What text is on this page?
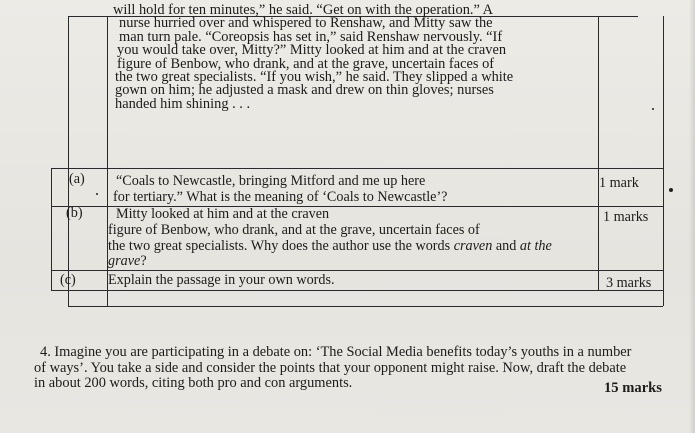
will hold for ten minutes,” he said. “Get on with the operation.” A
nurse hurried over and whispered to Renshaw, and Mitty saw the
man turn pale. “Coreopsis has set in,” said Renshaw nervously. “If
you would take over, Mitty?” Mitty looked at him and at the craven
figure of Benbow, who drank, and at the grave, uncertain faces of
the two great specialists. “If you wish,” he said. They slipped a white
gown on him; he adjusted a mask and drew on thin gloves; nurses
handed him shining . . .
(a) “Coals to Newcastle, bringing Mitford and me up here
for tertiary.” What is the meaning of ‘Coals to Newcastle’?
1 mark
(b) Mitty looked at him and at the craven
figure of Benbow, who drank, and at the grave, uncertain faces of
the two great specialists. Why does the author use the words craven and at the
grave?
1 marks
(c) Explain the passage in your own words.	3 marks
4. Imagine you are participating in a debate on: ‘The Social Media benefits today’s youths in a number
of ways’. You take a side and consider the points that your opponent might raise. Now, draft the debate
in about 200 words, citing both pro and con arguments.	15 marks
